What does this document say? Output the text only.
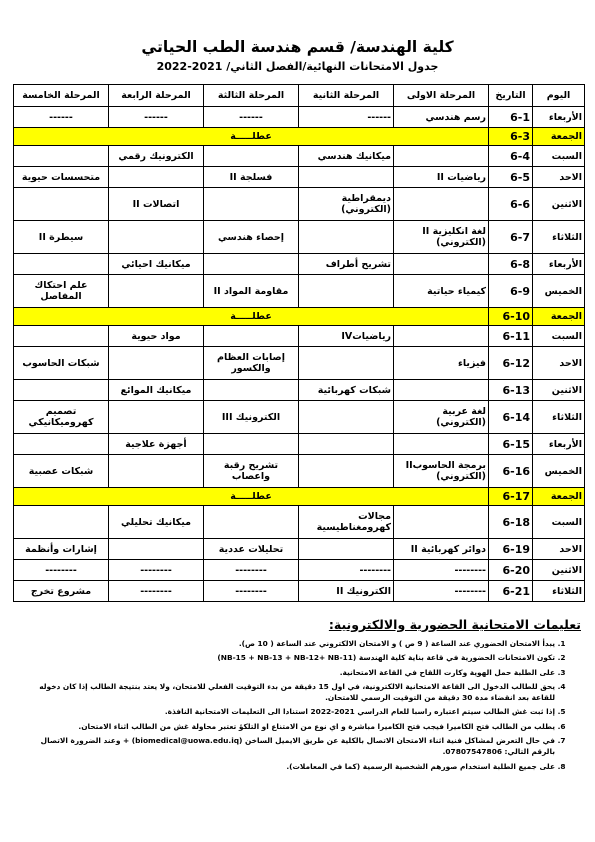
كلية الهندسة/ قسم هندسة الطب الحياتي
جدول الامتحانات النهائية/الفصل الثاني/ 2021-2022
اليوم	التاريخ	المرحلة الاولى	المرحلة الثانية	المرحلة الثالثة	المرحلة الرابعة	المرحلة الخامسة
الأربعاء	6-1	رسم هندسي	------	------	------	------
الجمعة	6-3	عطلـــــة				
السبت	6-4		ميكانيك هندسي		الكترونيك رقمي	
الاحد	6-5	رياضيات II		فسلجة II		متحسسات حيوية
الاثنين	6-6		ديمقراطية (الكتروني)		اتصالات II	
الثلاثاء	6-7	لغة انكليزية II (الكتروني)		إحصاء هندسي		سيطرة II
الأربعاء	6-8		تشريح أطراف		ميكانيك احيائي	
الخميس	6-9	كيمياء حياتية		مقاومة المواد II		علم احتكاك المفاصل
الجمعة	6-10	عطلـــــة				
السبت	6-11		رياضياتIV		مواد حيوية	
الاحد	6-12	فيزياء		إصابات العظام والكسور		شبكات الحاسوب
الاثنين	6-13		شبكات كهربائية		ميكانيك الموائع	
الثلاثاء	6-14	لغة عربية (الكتروني)		الكترونيك III		تصميم كهروميكانيكي
الأربعاء	6-15				أجهزة علاجية	
الخميس	6-16	برمجة الحاسوبII (الكتروني)		تشريح رقبة واعصاب		شبكات عصبية
الجمعة	6-17	عطلـــــة				
السبت	6-18		مجالات كهرومغناطيسية		ميكانيك تحليلي	
الاحد	6-19	دوائر كهربائية II		تحليلات عددية		إشارات وأنظمة
الاثنين	6-20	--------	--------	--------	--------	--------
الثلاثاء	6-21	--------	الكترونيك II	--------	--------	مشروع تخرج
تعليمات الامتحانية الحضورية والالكترونية:
1. يبدأ الامتحان الحضوري عند الساعة ( 9 ص ) و الامتحان الالكتروني عند الساعة ( 10 ص).
2. تكون الامتحانات الحضورية في قاعة بناية كلية الهندسة (NB-15 + NB-13 + NB-12+ NB-11)
3. على الطلبة حمل الهوية وكارت اللقاح في القاعة الامتحانية.
4. يحق للطالب الدخول الى القاعة الامتحانية الالكترونية، في اول 15 دقيقة من بدء التوقيت الفعلي للامتحان، ولا يعتد بنتيجة الطالب إذا كان دخوله للقاعة بعد انقضاء مدة 30 دقيقة من التوقيت الرسمي للامتحان.
5. إذا ثبت غش الطالب سيتم اعتباره راسبا للعام الدراسي 2021-2022 استنادا الى التعليمات الامتحانية النافذة.
6. يطلب من الطالب فتح الكاميرا فيجب فتح الكاميرا مباشرة و اي نوع من الامتناع او التلكؤ تعتبر محاولة غش من الطالب اثناء الامتحان.
7. في حال التعرض لمشاكل فنية اثناء الامتحان الاتصال بالكلية عن طريق الايميل الساخن (biomedical@uowa.edu.iq) + وعند الضرورة الاتصال بالرقم التالي: 07807547806.
8. على جميع الطلبة استخدام صورهم الشخصية الرسمية (كما في المعاملات).
